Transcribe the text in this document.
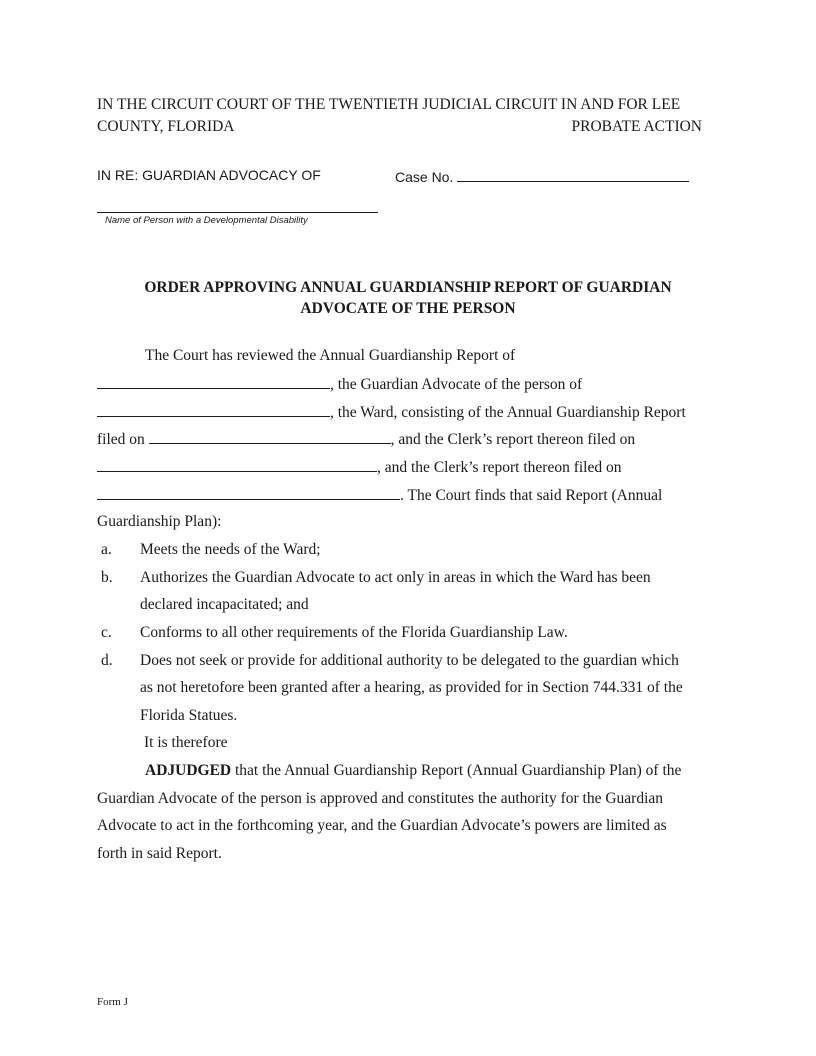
IN THE CIRCUIT COURT OF THE TWENTIETH JUDICIAL CIRCUIT IN AND FOR LEE
COUNTY, FLORIDA	PROBATE ACTION
IN RE: GUARDIAN ADVOCACY OF	Case No.
Name of Person with a Developmental Disability
ORDER APPROVING ANNUAL GUARDIANSHIP REPORT OF GUARDIAN
ADVOCATE OF THE PERSON
The Court has reviewed the Annual Guardianship Report of
, the Guardian Advocate of the person of
, the Ward, consisting of the Annual Guardianship Report
filed on	, and the Clerk’s report thereon filed on
, and the Clerk’s report thereon filed on
. The Court finds that said Report (Annual
Guardianship Plan):
a. Meets the needs of the Ward;
b. Authorizes the Guardian Advocate to act only in areas in which the Ward has been
declared incapacitated; and
c. Conforms to all other requirements of the Florida Guardianship Law.
d. Does not seek or provide for additional authority to be delegated to the guardian which
as not heretofore been granted after a hearing, as provided for in Section 744.331 of the
Florida Statues.
It is therefore
ADJUDGED that the Annual Guardianship Report (Annual Guardianship Plan) of the
Guardian Advocate of the person is approved and constitutes the authority for the Guardian
Advocate to act in the forthcoming year, and the Guardian Advocate’s powers are limited as
forth in said Report.
Form J
